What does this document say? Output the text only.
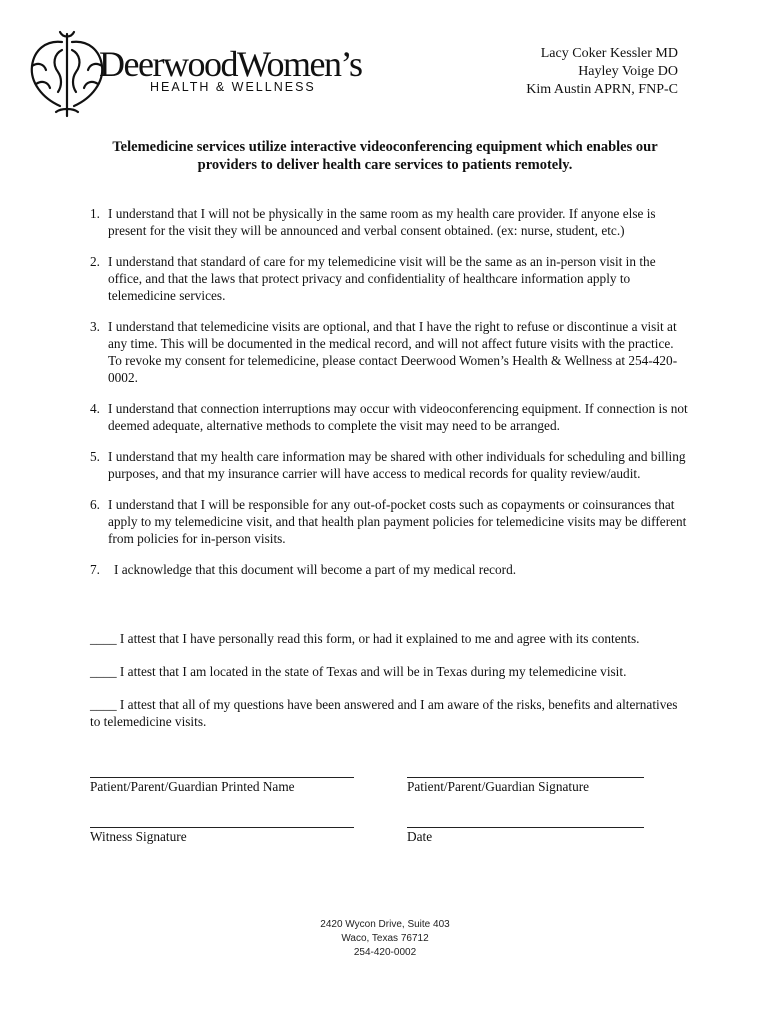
DeerwoodWomen’s
HEALTH & WELLNESS
Lacy Coker Kessler MD
Hayley Voige DO
Kim Austin APRN, FNP-C
Telemedicine services utilize interactive videoconferencing equipment which enables our providers to deliver health care services to patients remotely.
1. I understand that I will not be physically in the same room as my health care provider. If anyone else is present for the visit they will be announced and verbal consent obtained. (ex: nurse, student, etc.)
2. I understand that standard of care for my telemedicine visit will be the same as an in-person visit in the office, and that the laws that protect privacy and confidentiality of healthcare information apply to telemedicine services.
3. I understand that telemedicine visits are optional, and that I have the right to refuse or discontinue a visit at any time. This will be documented in the medical record, and will not affect future visits with the practice. To revoke my consent for telemedicine, please contact Deerwood Women’s Health & Wellness at 254-420-0002.
4. I understand that connection interruptions may occur with videoconferencing equipment. If connection is not deemed adequate, alternative methods to complete the visit may need to be arranged.
5. I understand that my health care information may be shared with other individuals for scheduling and billing purposes, and that my insurance carrier will have access to medical records for quality review/audit.
6. I understand that I will be responsible for any out-of-pocket costs such as copayments or coinsurances that apply to my telemedicine visit, and that health plan payment policies for telemedicine visits may be different from policies for in-person visits.
7.	I acknowledge that this document will become a part of my medical record.
____ I attest that I have personally read this form, or had it explained to me and agree with its contents.
____ I attest that I am located in the state of Texas and will be in Texas during my telemedicine visit.
____ I attest that all of my questions have been answered and I am aware of the risks, benefits and alternatives to telemedicine visits.
Patient/Parent/Guardian Printed Name	Patient/Parent/Guardian Signature
Witness Signature	Date
2420 Wycon Drive, Suite 403
Waco, Texas 76712
254-420-0002
